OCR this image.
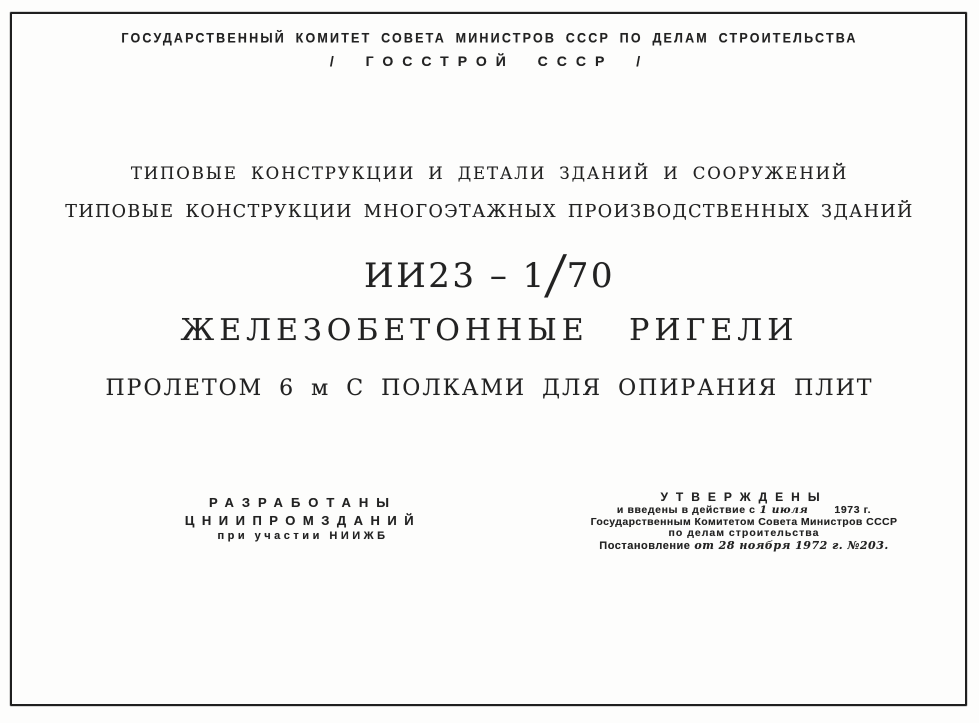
ГОСУДАРСТВЕННЫЙ КОМИТЕТ СОВЕТА МИНИСТРОВ СССР ПО ДЕЛАМ СТРОИТЕЛЬСТВА
/ ГОССТРОЙ СССР /
ТИПОВЫЕ КОНСТРУКЦИИ И ДЕТАЛИ ЗДАНИЙ И СООРУЖЕНИЙ
ТИПОВЫЕ КОНСТРУКЦИИ МНОГОЭТАЖНЫХ ПРОИЗВОДСТВЕННЫХ ЗДАНИЙ
ИИ23 – 1/70
ЖЕЛЕЗОБЕТОННЫЕ РИГЕЛИ
ПРОЛЕТОМ 6 м С ПОЛКАМИ ДЛЯ ОПИРАНИЯ ПЛИТ
РАЗРАБОТАНЫ
ЦНИИПРОМЗДАНИЙ
при участии НИИЖБ
УТВЕРЖДЕНЫ
и введены в действие с 1 июля 1973 г.
Государственным Комитетом Совета Министров СССР
по делам строительства
Постановление от 28 ноября 1972 г. №203.
